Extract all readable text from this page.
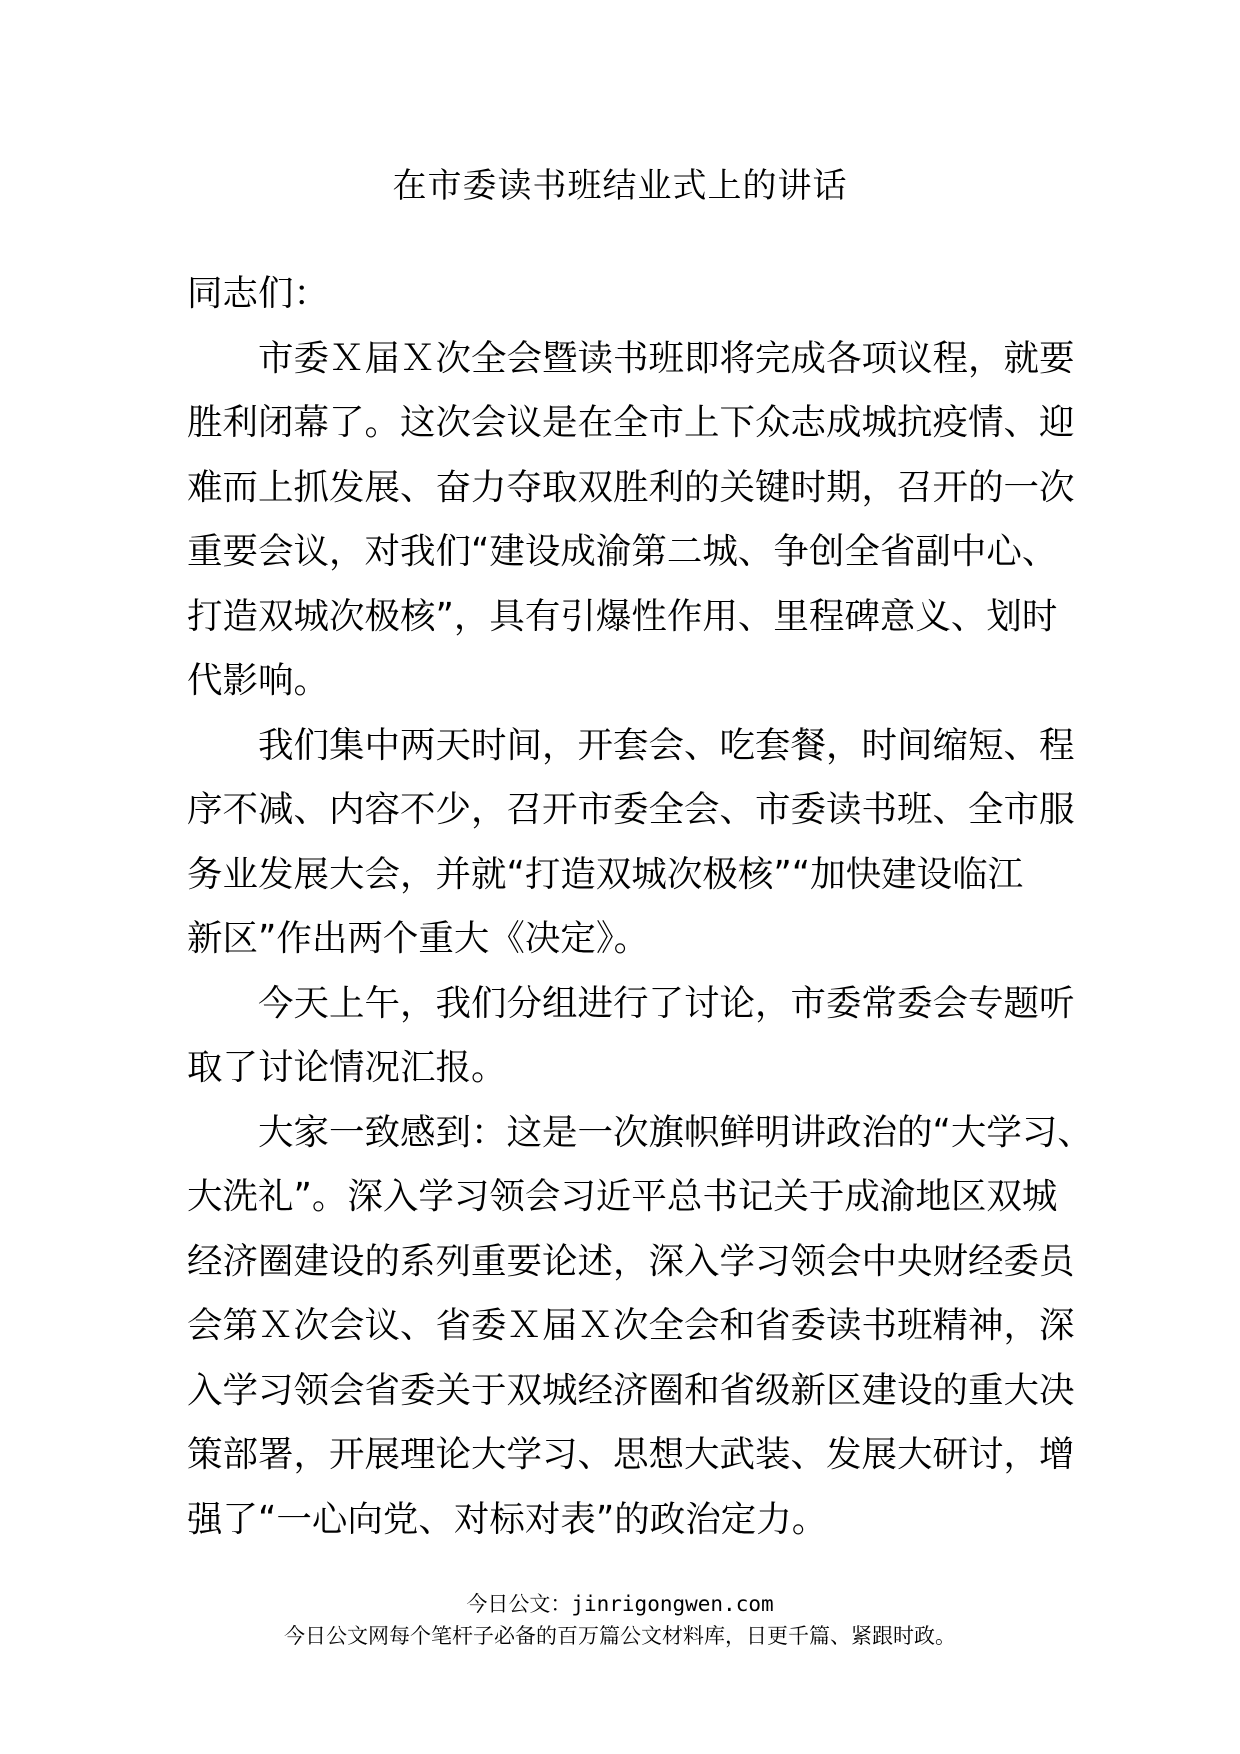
在市委读书班结业式上的讲话

同志们：

市委Ｘ届Ｘ次全会暨读书班即将完成各项议程，就要
胜利闭幕了。这次会议是在全市上下众志成城抗疫情、迎
难而上抓发展、奋力夺取双胜利的关键时期，召开的一次
重要会议，对我们“建设成渝第二城、争创全省副中心、
打造双城次极核”，具有引爆性作用、里程碑意义、划时
代影响。

我们集中两天时间，开套会、吃套餐，时间缩短、程
序不减、内容不少，召开市委全会、市委读书班、全市服
务业发展大会，并就“打造双城次极核”“加快建设临江
新区”作出两个重大《决定》。

今天上午，我们分组进行了讨论，市委常委会专题听
取了讨论情况汇报。

大家一致感到：这是一次旗帜鲜明讲政治的“大学习、
大洗礼”。深入学习领会习近平总书记关于成渝地区双城
经济圈建设的系列重要论述，深入学习领会中央财经委员
会第Ｘ次会议、省委Ｘ届Ｘ次全会和省委读书班精神，深
入学习领会省委关于双城经济圈和省级新区建设的重大决
策部署，开展理论大学习、思想大武装、发展大研讨，增
强了“一心向党、对标对表”的政治定力。

今日公文：jinrigongwen.com
今日公文网每个笔杆子必备的百万篇公文材料库，日更千篇、紧跟时政。
